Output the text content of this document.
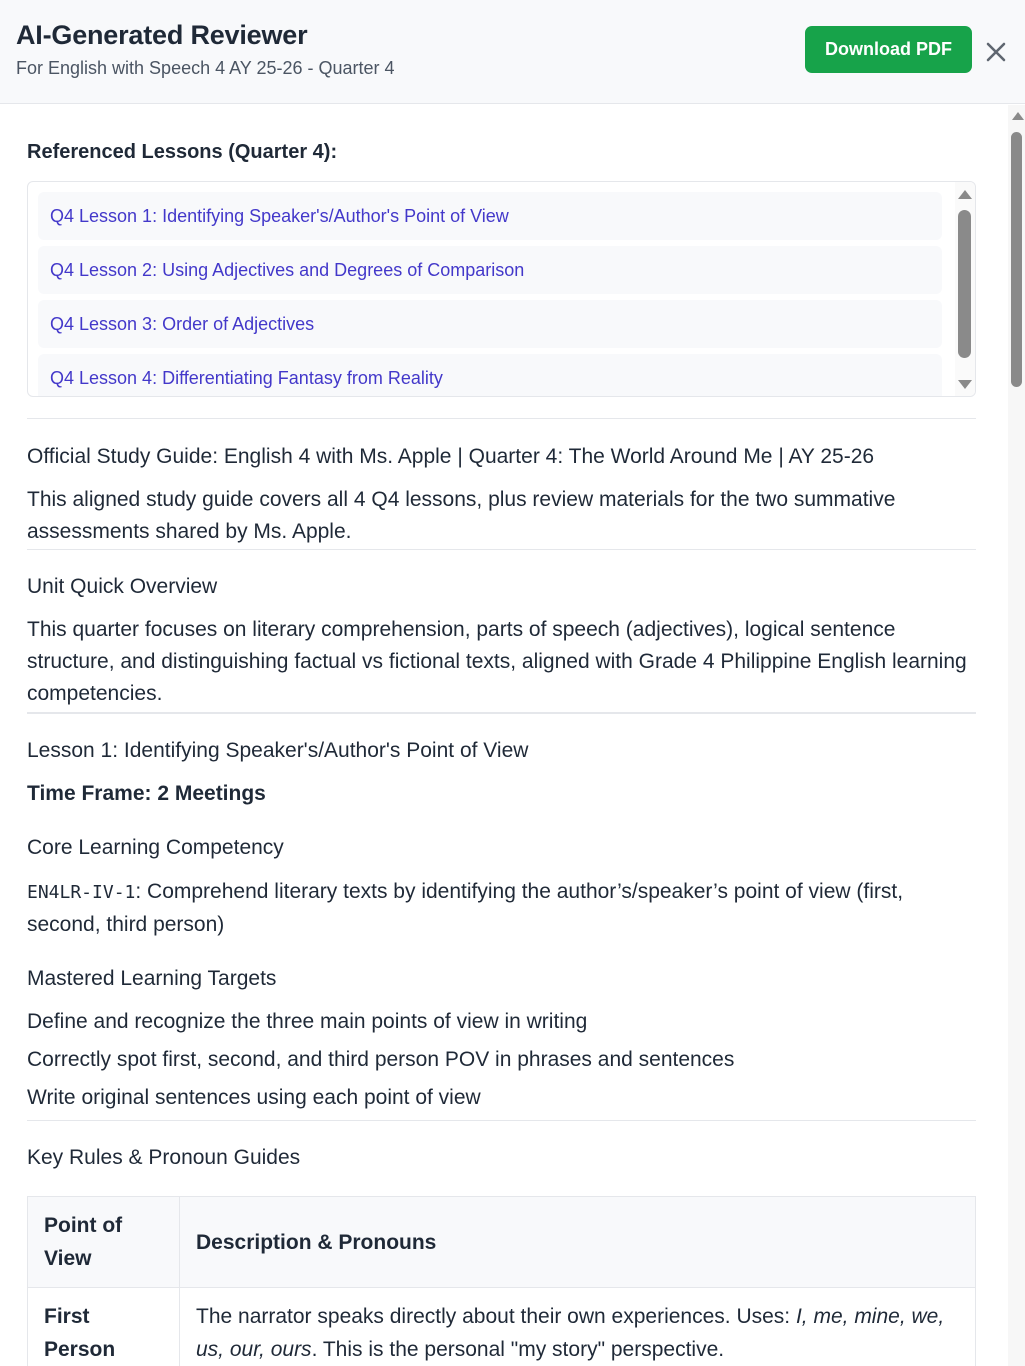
AI-Generated Reviewer
For English with Speech 4 AY 25-26 - Quarter 4
Download PDF
Referenced Lessons (Quarter 4):
Q4 Lesson 1: Identifying Speaker's/Author's Point of View
Q4 Lesson 2: Using Adjectives and Degrees of Comparison
Q4 Lesson 3: Order of Adjectives
Q4 Lesson 4: Differentiating Fantasy from Reality
Official Study Guide: English 4 with Ms. Apple | Quarter 4: The World Around Me | AY 25-26
This aligned study guide covers all 4 Q4 lessons, plus review materials for the two summative assessments shared by Ms. Apple.
Unit Quick Overview
This quarter focuses on literary comprehension, parts of speech (adjectives), logical sentence structure, and distinguishing factual vs fictional texts, aligned with Grade 4 Philippine English learning competencies.
Lesson 1: Identifying Speaker's/Author's Point of View
Time Frame: 2 Meetings
Core Learning Competency
EN4LR-IV-1: Comprehend literary texts by identifying the author’s/speaker’s point of view (first, second, third person)
Mastered Learning Targets
Define and recognize the three main points of view in writing
Correctly spot first, second, and third person POV in phrases and sentences
Write original sentences using each point of view
Key Rules & Pronoun Guides
Point of View	Description & Pronouns
First Person	The narrator speaks directly about their own experiences. Uses: I, me, mine, we, us, our, ours. This is the personal "my story" perspective.
